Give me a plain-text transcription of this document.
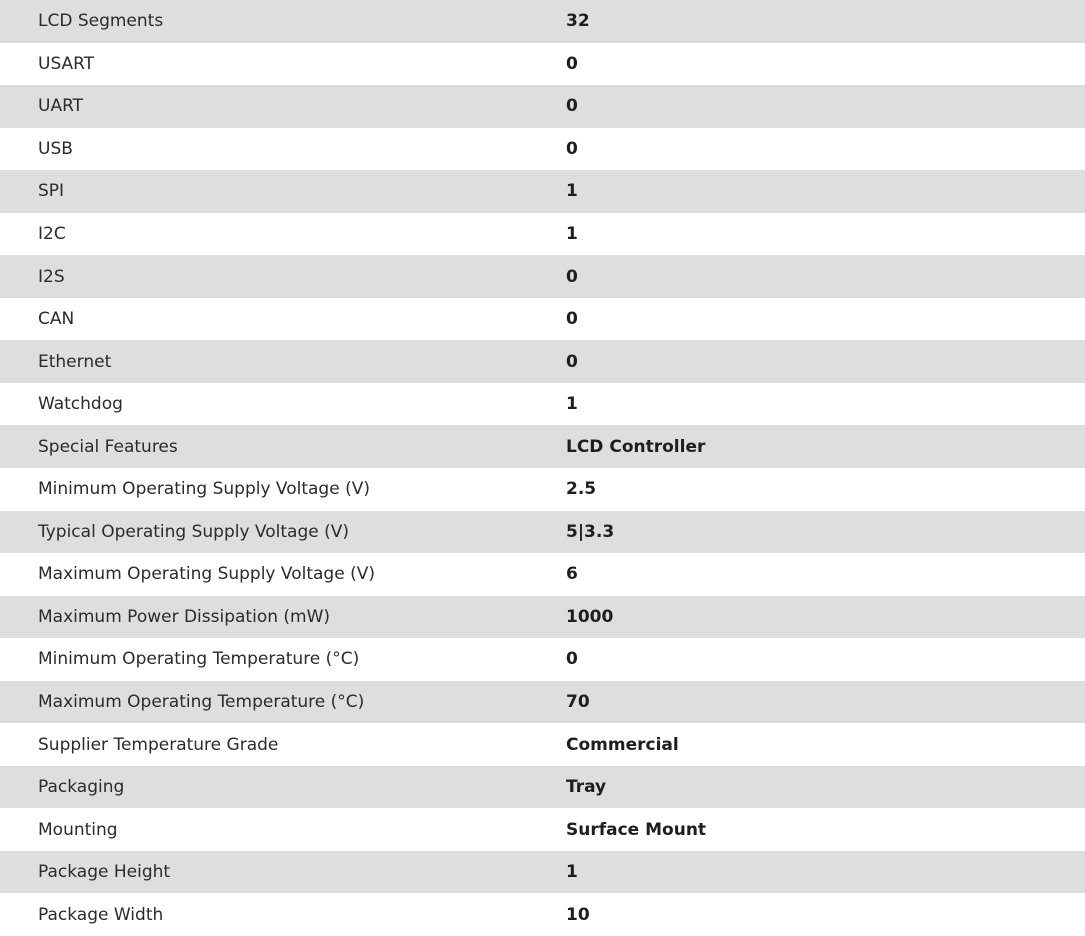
LCD Segments	32
USART	0
UART	0
USB	0
SPI	1
I2C	1
I2S	0
CAN	0
Ethernet	0
Watchdog	1
Special Features	LCD Controller
Minimum Operating Supply Voltage (V)	2.5
Typical Operating Supply Voltage (V)	5|3.3
Maximum Operating Supply Voltage (V)	6
Maximum Power Dissipation (mW)	1000
Minimum Operating Temperature (°C)	0
Maximum Operating Temperature (°C)	70
Supplier Temperature Grade	Commercial
Packaging	Tray
Mounting	Surface Mount
Package Height	1
Package Width	10
